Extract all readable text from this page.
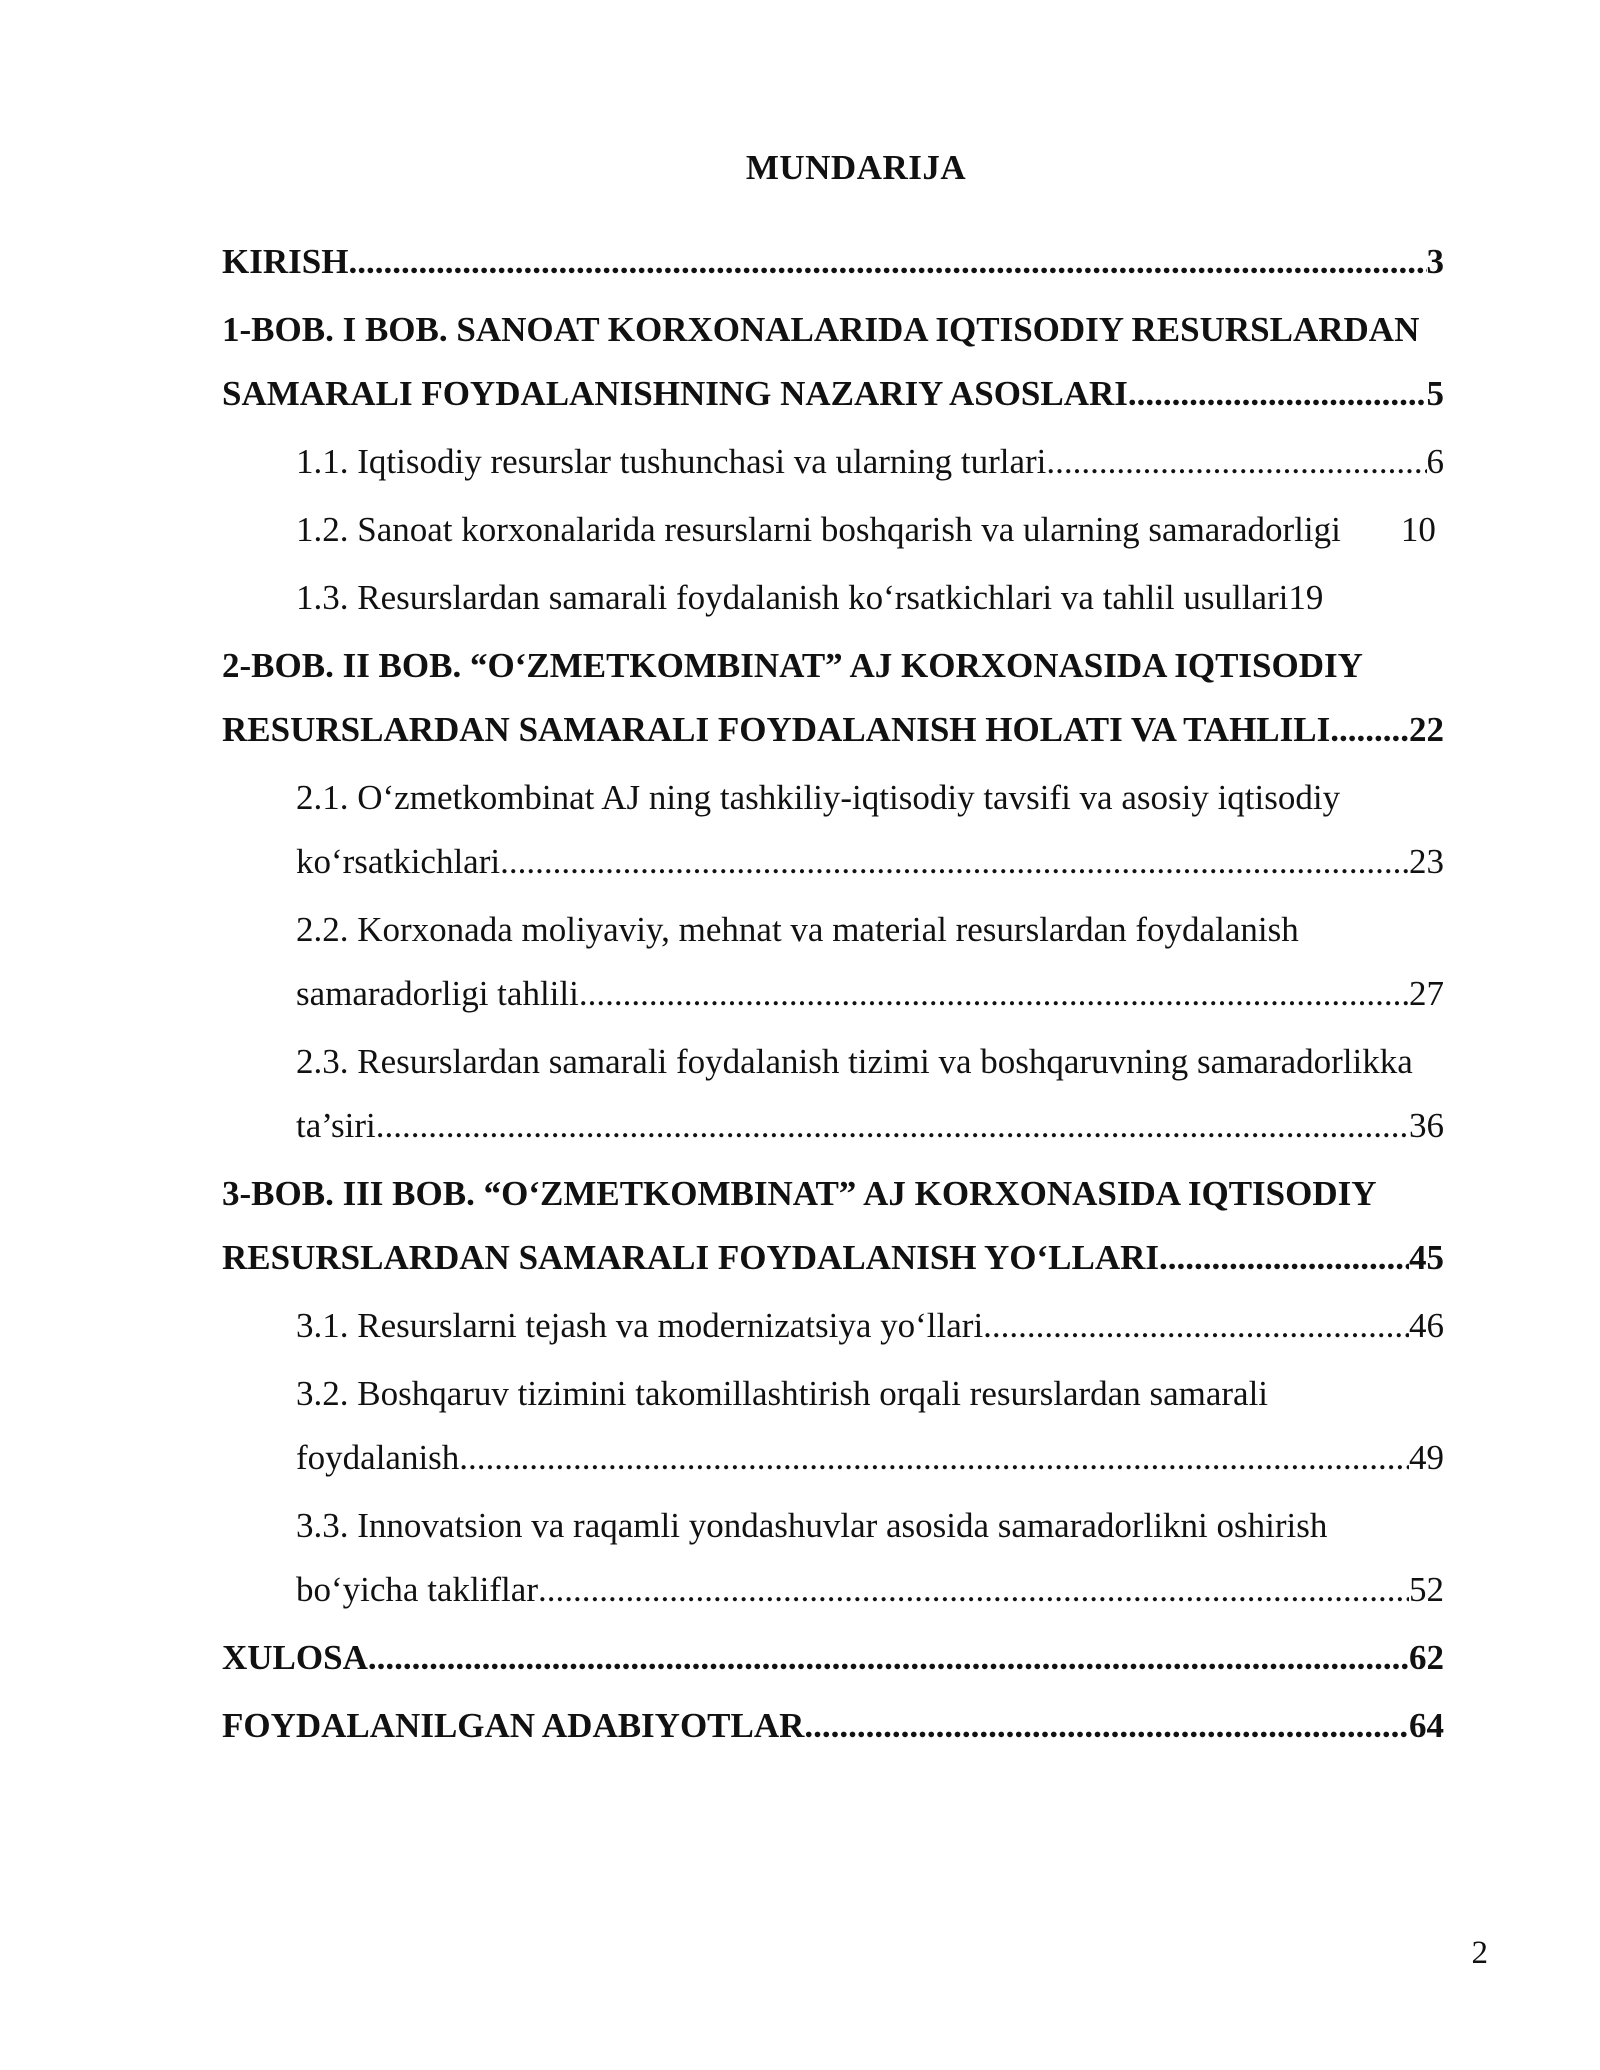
MUNDARIJA
KIRISH .....	3
1-BOB. I BOB. SANOAT KORXONALARIDA IQTISODIY RESURSLARDAN
SAMARALI FOYDALANISHNING NAZARIY ASOSLARI .....	5
1.1. Iqtisodiy resurslar tushunchasi va ularning turlari .....	6
1.2. Sanoat korxonalarida resurslarni boshqarish va ularning samaradorligi 10
1.3. Resurslardan samarali foydalanish ko‘rsatkichlari va tahlil usullari 19
2-BOB. II BOB. “O‘ZMETKOMBINAT” AJ KORXONASIDA IQTISODIY
RESURSLARDAN SAMARALI FOYDALANISH HOLATI VA TAHLILI ..... 22
2.1. O‘zmetkombinat AJ ning tashkiliy-iqtisodiy tavsifi va asosiy iqtisodiy
ko‘rsatkichlari .....	23
2.2. Korxonada moliyaviy, mehnat va material resurslardan foydalanish
samaradorligi tahlili .....	27
2.3. Resurslardan samarali foydalanish tizimi va boshqaruvning samaradorlikka
ta’siri .....	36
3-BOB. III BOB. “O‘ZMETKOMBINAT” AJ KORXONASIDA IQTISODIY
RESURSLARDAN SAMARALI FOYDALANISH YO‘LLARI .....	45
3.1. Resurslarni tejash va modernizatsiya yo‘llari .....	46
3.2. Boshqaruv tizimini takomillashtirish orqali resurslardan samarali
foydalanish .....	49
3.3. Innovatsion va raqamli yondashuvlar asosida samaradorlikni oshirish
bo‘yicha takliflar .....	52
XULOSA .....	62
FOYDALANILGAN ADABIYOTLAR .....	64
2
